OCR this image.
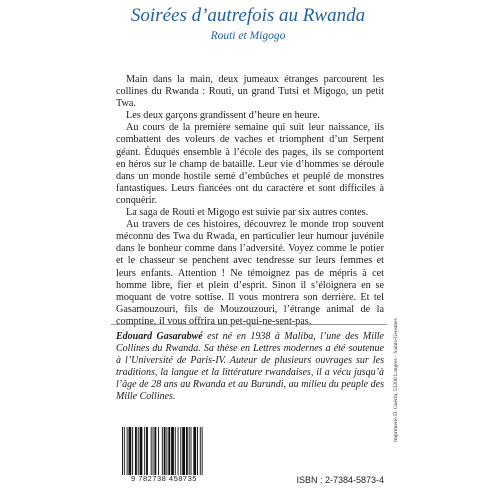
Soirées d’autrefois au Rwanda
Routi et Migogo

Main dans la main, deux jumeaux étranges parcourent les collines du Rwanda : Routi, un grand Tutsi et Migogo, un petit Twa.

Les deux garçons grandissent d’heure en heure.

Au cours de la première semaine qui suit leur naissance, ils combattent des voleurs de vaches et triomphent d’un Serpent géant. Éduqués ensemble à l’école des pages, ils se comportent en héros sur le champ de bataille. Leur vie d’hommes se déroule dans un monde hostile semé d’embûches et peuplé de monstres fantastiques. Leurs fiancées ont du caractère et sont difficiles à conquérir.

La saga de Routi et Migogo est suivie par six autres contes.

Au travers de ces histoires, découvrez le monde trop souvent méconnu des Twa du Rwada, en particulier leur humour juvénile dans le bonheur comme dans l’adversité. Voyez comme le potier et le chasseur se penchent avec tendresse sur leurs femmes et leurs enfants. Attention ! Ne témoignez pas de mépris à cet homme libre, fier et plein d’esprit. Sinon il s’éloignera en se moquant de votre sottise. Il vous montrera son derrière. Et tel Gasamouzouri, fils de Mouzouzouri, l’étrange animal de la comptine, il vous offrira un pet-qui-ne-sent-pas.

Edouard Gasarabwé est né en 1938 à Maliba, l’une des Mille Collines du Rwanda. Sa thèse en Lettres modernes a été soutenue à l’Université de Paris-IV. Auteur de plusieurs ouvrages sur les traditions, la langue et la littérature rwandaises, il a vécu jusqu’à l’âge de 28 ans au Rwanda et au Burundi, au milieu du peuple des Mille Collines.	Imprimerie D. Guérin, 53200 Langres - Saints-Geosmes
9 782738 458735	ISBN : 2-7384-5873-4
